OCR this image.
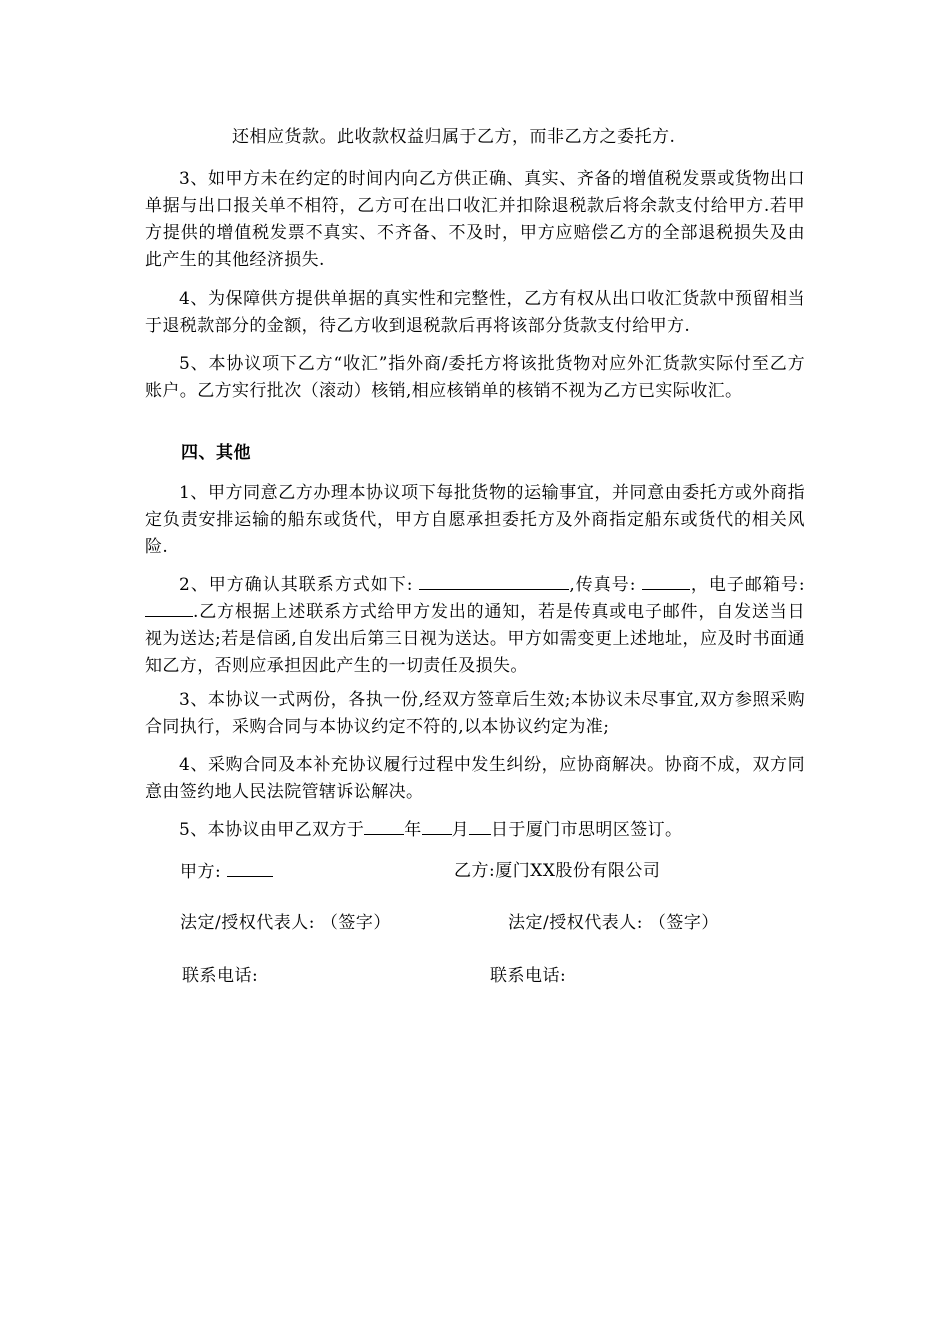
还相应货款。此收款权益归属于乙方，而非乙方之委托方.
3、如甲方未在约定的时间内向乙方供正确、真实、齐备的增值税发票或货物出口单据与出口报关单不相符，乙方可在出口收汇并扣除退税款后将余款支付给甲方.若甲方提供的增值税发票不真实、不齐备、不及时，甲方应赔偿乙方的全部退税损失及由此产生的其他经济损失.
4、为保障供方提供单据的真实性和完整性，乙方有权从出口收汇货款中预留相当于退税款部分的金额，待乙方收到退税款后再将该部分货款支付给甲方.
5、本协议项下乙方“收汇”指外商/委托方将该批货物对应外汇货款实际付至乙方账户。乙方实行批次（滚动）核销,相应核销单的核销不视为乙方已实际收汇。
四、其他
1、甲方同意乙方办理本协议项下每批货物的运输事宜，并同意由委托方或外商指定负责安排运输的船东或货代，甲方自愿承担委托方及外商指定船东或货代的相关风险.
2、甲方确认其联系方式如下:	,传真号:	，电子邮箱号: .乙方根据上述联系方式给甲方发出的通知，若是传真或电子邮件，自发送当日视为送达;若是信函,自发出后第三日视为送达。甲方如需变更上述地址，应及时书面通知乙方，否则应承担因此产生的一切责任及损失。
3、本协议一式两份，各执一份,经双方签章后生效;本协议未尽事宜,双方参照采购合同执行，采购合同与本协议约定不符的,以本协议约定为准;
4、采购合同及本补充协议履行过程中发生纠纷，应协商解决。协商不成，双方同意由签约地人民法院管辖诉讼解决。
5、本协议由甲乙双方于 年 月 日于厦门市思明区签订。
甲方:	乙方:厦门XX股份有限公司
法定/授权代表人: （签字）	法定/授权代表人: （签字）
联系电话:	联系电话:
